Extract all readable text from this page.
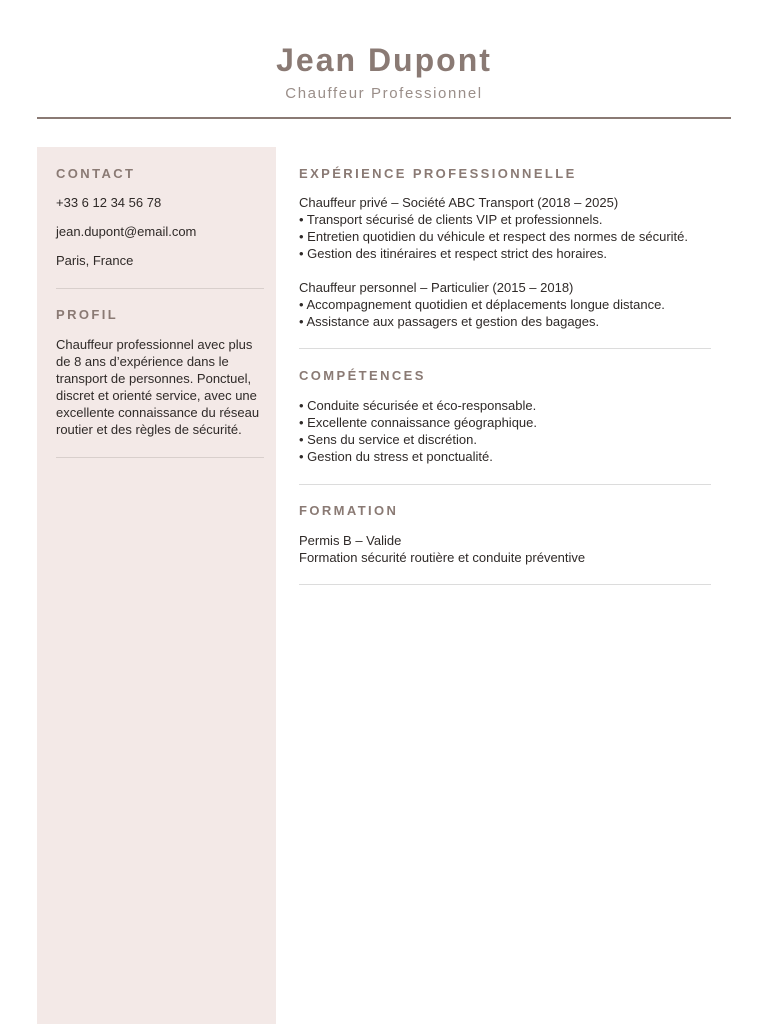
Jean Dupont
Chauffeur Professionnel
CONTACT
+33 6 12 34 56 78
jean.dupont@email.com
Paris, France
PROFIL
Chauffeur professionnel avec plus de 8 ans d’expérience dans le transport de personnes. Ponctuel, discret et orienté service, avec une excellente connaissance du réseau routier et des règles de sécurité.
EXPÉRIENCE PROFESSIONNELLE
Chauffeur privé – Société ABC Transport (2018 – 2025)
• Transport sécurisé de clients VIP et professionnels.
• Entretien quotidien du véhicule et respect des normes de sécurité.
• Gestion des itinéraires et respect strict des horaires.
Chauffeur personnel – Particulier (2015 – 2018)
• Accompagnement quotidien et déplacements longue distance.
• Assistance aux passagers et gestion des bagages.
COMPÉTENCES
• Conduite sécurisée et éco-responsable.
• Excellente connaissance géographique.
• Sens du service et discrétion.
• Gestion du stress et ponctualité.
FORMATION
Permis B – Valide
Formation sécurité routière et conduite préventive
